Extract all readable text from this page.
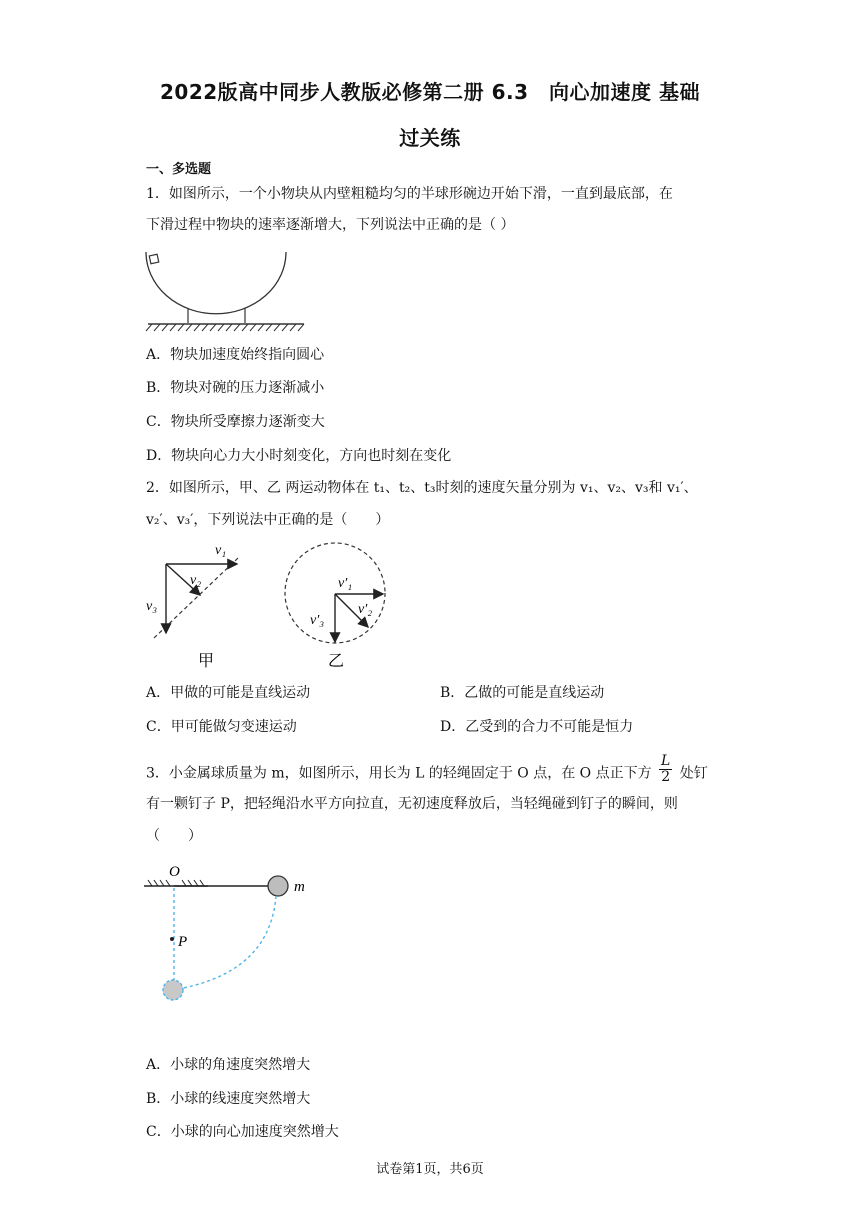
2022版高中同步人教版必修第二册 6.3　向心加速度 基础
过关练
一、多选题
1．如图所示，一个小物块从内壁粗糙均匀的半球形碗边开始下滑，一直到最底部，在
下滑过程中物块的速率逐渐增大，下列说法中正确的是（ ）
A．物块加速度始终指向圆心
B．物块对碗的压力逐渐减小
C．物块所受摩擦力逐渐变大
D．物块向心力大小时刻变化，方向也时刻在变化
2．如图所示，甲、乙 两运动物体在 t₁、t₂、t₃时刻的速度矢量分别为 v₁、v₂、v₃和 v₁′、
v₂′、v₃′，下列说法中正确的是（　　）
v₁
v₂
v₃
甲
v′₁
v′₂
v′₃
乙
A．甲做的可能是直线运动	B．乙做的可能是直线运动
C．甲可能做匀变速运动	D．乙受到的合力不可能是恒力
3．小金属球质量为 m，如图所示，用长为 L 的轻绳固定于 O 点，在 O 点正下方 $\frac{L}{2}$ 处钉
有一颗钉子 P，把轻绳沿水平方向拉直，无初速度释放后，当轻绳碰到钉子的瞬间，则
（　　）
O
m
P
A．小球的角速度突然增大
B．小球的线速度突然增大
C．小球的向心加速度突然增大
试卷第1页，共6页
